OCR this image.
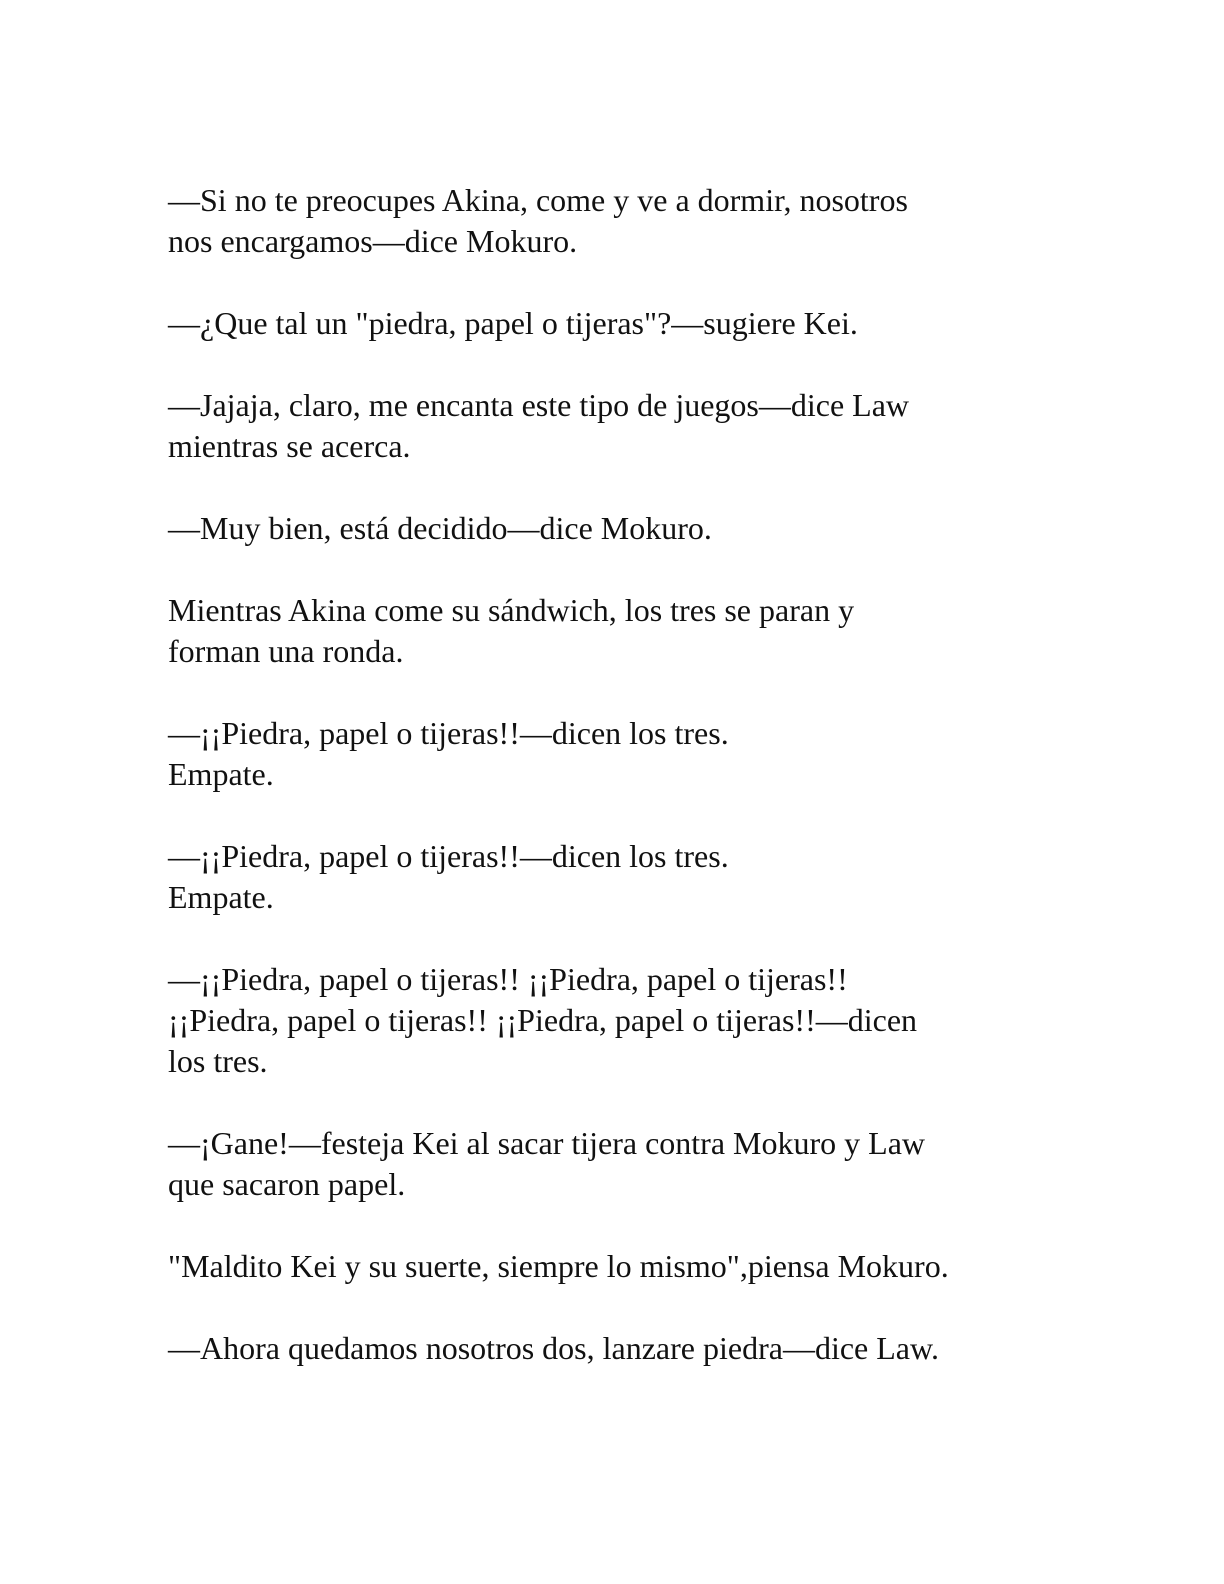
—Si no te preocupes Akina, come y ve a dormir, nosotros
nos encargamos—dice Mokuro.

—¿Que tal un "piedra, papel o tijeras"?—sugiere Kei.

—Jajaja, claro, me encanta este tipo de juegos—dice Law
mientras se acerca.

—Muy bien, está decidido—dice Mokuro.

Mientras Akina come su sándwich, los tres se paran y
forman una ronda.

—¡¡Piedra, papel o tijeras!!—dicen los tres.
Empate.

—¡¡Piedra, papel o tijeras!!—dicen los tres.
Empate.

—¡¡Piedra, papel o tijeras!! ¡¡Piedra, papel o tijeras!!
¡¡Piedra, papel o tijeras!! ¡¡Piedra, papel o tijeras!!—dicen
los tres.

—¡Gane!—festeja Kei al sacar tijera contra Mokuro y Law
que sacaron papel.

"Maldito Kei y su suerte, siempre lo mismo",piensa Mokuro.

—Ahora quedamos nosotros dos, lanzare piedra—dice Law.
